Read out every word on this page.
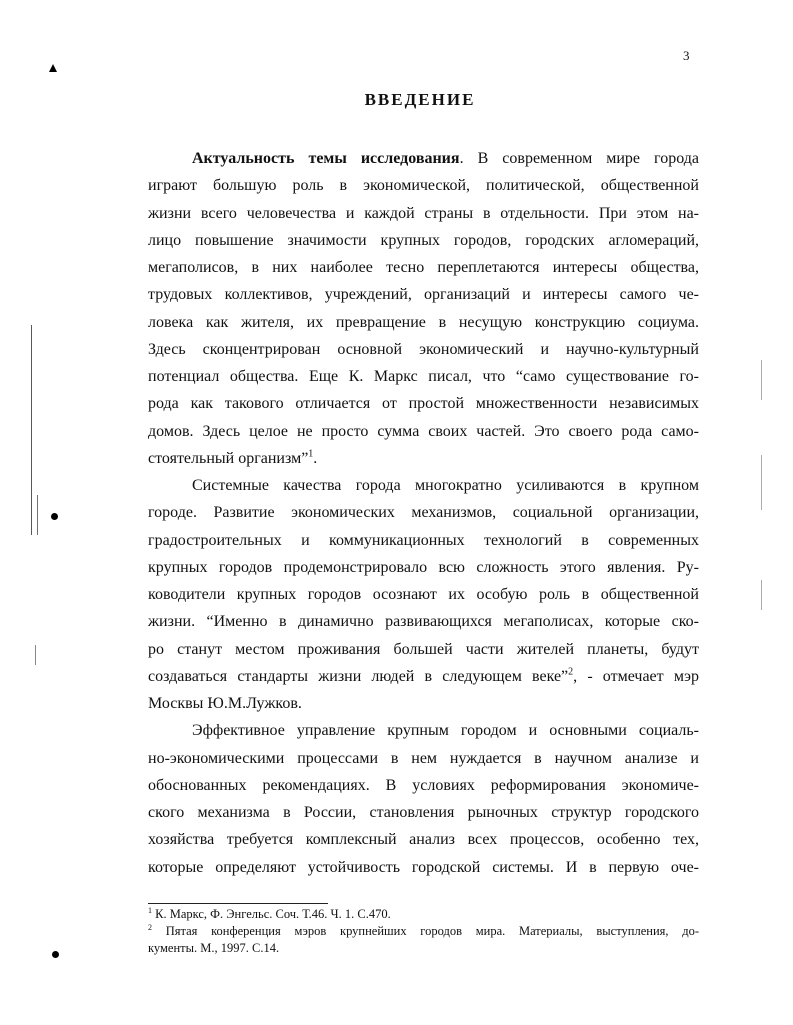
3
ВВЕДЕНИЕ
Актуальность темы исследования. В современном мире города
играют большую роль в экономической, политической, общественной
жизни всего человечества и каждой страны в отдельности. При этом на-
лицо повышение значимости крупных городов, городских агломераций,
мегаполисов, в них наиболее тесно переплетаются интересы общества,
трудовых коллективов, учреждений, организаций и интересы самого че-
ловека как жителя, их превращение в несущую конструкцию социума.
Здесь сконцентрирован основной экономический и научно-культурный
потенциал общества. Еще К. Маркс писал, что “само существование го-
рода как такового отличается от простой множественности независимых
домов. Здесь целое не просто сумма своих частей. Это своего рода само-
стоятельный организм”$^1$.
Системные качества города многократно усиливаются в крупном
городе. Развитие экономических механизмов, социальной организации,
градостроительных и коммуникационных технологий в современных
крупных городов продемонстрировало всю сложность этого явления. Ру-
ководители крупных городов осознают их особую роль в общественной
жизни. “Именно в динамично развивающихся мегаполисах, которые ско-
ро станут местом проживания большей части жителей планеты, будут
создаваться стандарты жизни людей в следующем веке”$^2$, - отмечает мэр
Москвы Ю.М.Лужков.
Эффективное управление крупным городом и основными социаль-
но-экономическими процессами в нем нуждается в научном анализе и
обоснованных рекомендациях. В условиях реформирования экономиче-
ского механизма в России, становления рыночных структур городского
хозяйства требуется комплексный анализ всех процессов, особенно тех,
которые определяют устойчивость городской системы. И в первую оче-
$^1$ К. Маркс, Ф. Энгельс. Соч. Т.46. Ч. 1. С.470.
$^2$ Пятая конференция мэров крупнейших городов мира. Материалы, выступления, до-
кументы. М., 1997. С.14.
